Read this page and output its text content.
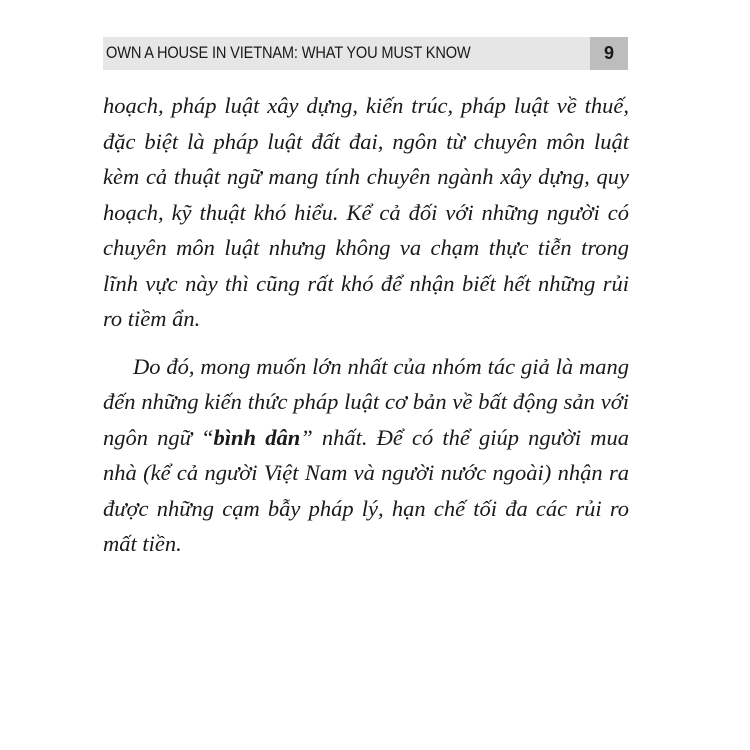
OWN A HOUSE IN VIETNAM: WHAT YOU MUST KNOW	9

hoạch, pháp luật xây dựng, kiến trúc, pháp luật về thuế, đặc biệt là pháp luật đất đai, ngôn từ chuyên môn luật kèm cả thuật ngữ mang tính chuyên ngành xây dựng, quy hoạch, kỹ thuật khó hiểu. Kể cả đối với những người có chuyên môn luật nhưng không va chạm thực tiễn trong lĩnh vực này thì cũng rất khó để nhận biết hết những rủi ro tiềm ẩn.

Do đó, mong muốn lớn nhất của nhóm tác giả là mang đến những kiến thức pháp luật cơ bản về bất động sản với ngôn ngữ “bình dân” nhất. Để có thể giúp người mua nhà (kể cả người Việt Nam và người nước ngoài) nhận ra được những cạm bẫy pháp lý, hạn chế tối đa các rủi ro mất tiền.
